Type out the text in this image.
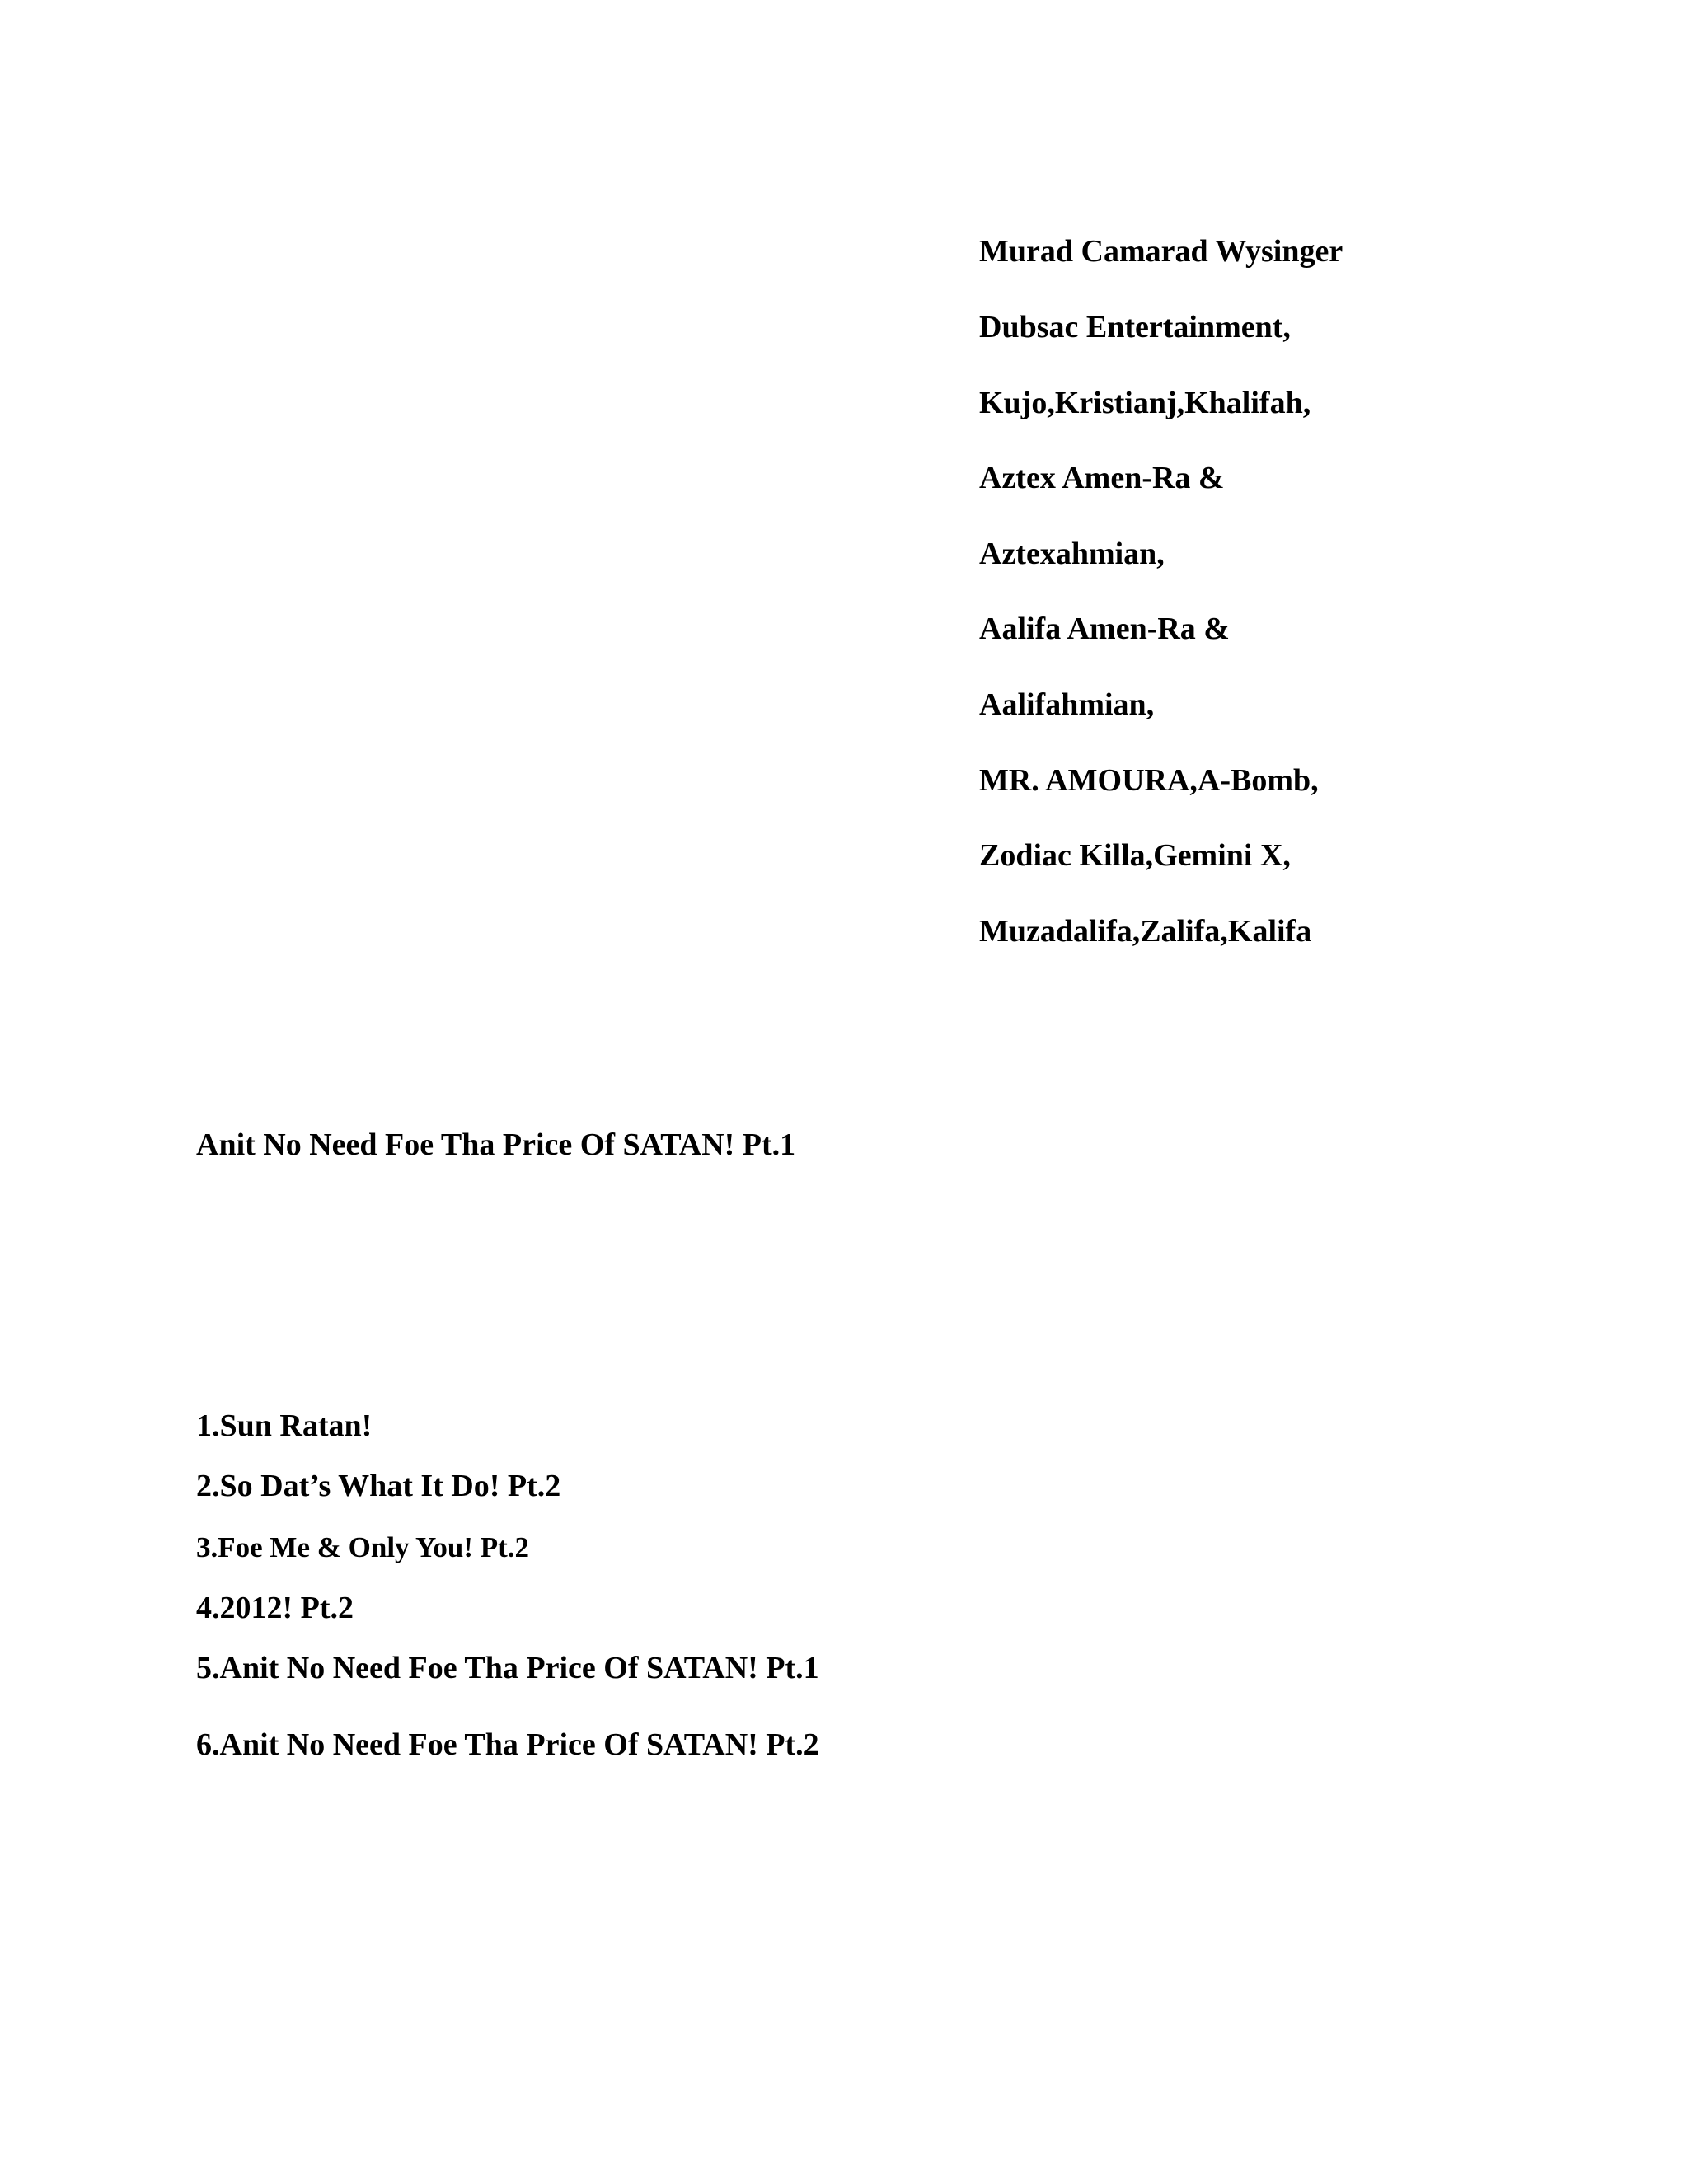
Murad Camarad Wysinger
Dubsac Entertainment,
Kujo,Kristianj,Khalifah,
Aztex Amen-Ra &
Aztexahmian,
Aalifa Amen-Ra &
Aalifahmian,
MR. AMOURA,A-Bomb,
Zodiac Killa,Gemini X,
Muzadalifa,Zalifa,Kalifa
Anit No Need Foe Tha Price Of SATAN! Pt.1
1.Sun Ratan!
2.So Dat’s What It Do! Pt.2
3.Foe Me & Only You! Pt.2
4.2012! Pt.2
5.Anit No Need Foe Tha Price Of SATAN! Pt.1
6.Anit No Need Foe Tha Price Of SATAN! Pt.2
